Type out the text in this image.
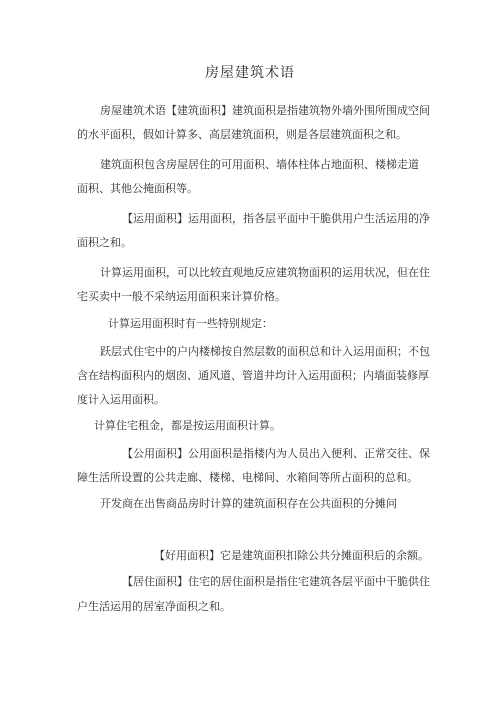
房屋建筑术语
房屋建筑术语【建筑面积】建筑面积是指建筑物外墙外围所围成空间
的水平面积，假如计算多、高层建筑面积，则是各层建筑面积之和。
建筑面积包含房屋居住的可用面积、墙体柱体占地面积、楼梯走道
面积、其他公掩面积等。
【运用面积】运用面积，指各层平面中干脆供用户生活运用的净
面积之和。
计算运用面积，可以比较直观地反应建筑物面积的运用状况，但在住
宅买卖中一般不采纳运用面积来计算价格。
计算运用面积时有一些特别规定：
跃层式住宅中的户内楼梯按自然层数的面积总和计入运用面积；不包
含在结构面积内的烟囱、通风道、管道井均计入运用面积；内墙面装修厚
度计入运用面积。
计算住宅租金，都是按运用面积计算。
【公用面积】公用面积是指楼内为人员出入便利、正常交往、保
障生活所设置的公共走廊、楼梯、电梯间、水箱间等所占面积的总和。
开发商在出售商品房时计算的建筑面积存在公共面积的分摊问
【好用面积】它是建筑面积扣除公共分摊面积后的余额。
【居住面积】住宅的居住面积是指住宅建筑各层平面中干脆供住
户生活运用的居室净面积之和。
